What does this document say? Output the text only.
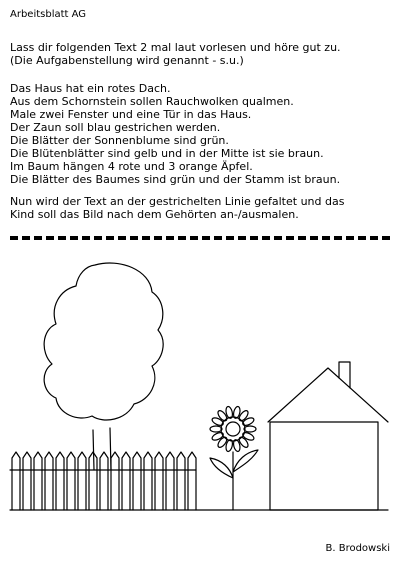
Arbeitsblatt AG
Lass dir folgenden Text 2 mal laut vorlesen und höre gut zu.
(Die Aufgabenstellung wird genannt - s.u.)
Das Haus hat ein rotes Dach.
Aus dem Schornstein sollen Rauchwolken qualmen.
Male zwei Fenster und eine Tür in das Haus.
Der Zaun soll blau gestrichen werden.
Die Blätter der Sonnenblume sind grün.
Die Blütenblätter sind gelb und in der Mitte ist sie braun.
Im Baum hängen 4 rote und 3 orange Äpfel.
Die Blätter des Baumes sind grün und der Stamm ist braun.
Nun wird der Text an der gestrichelten Linie gefaltet und das
Kind soll das Bild nach dem Gehörten an-/ausmalen.
B. Brodowski
